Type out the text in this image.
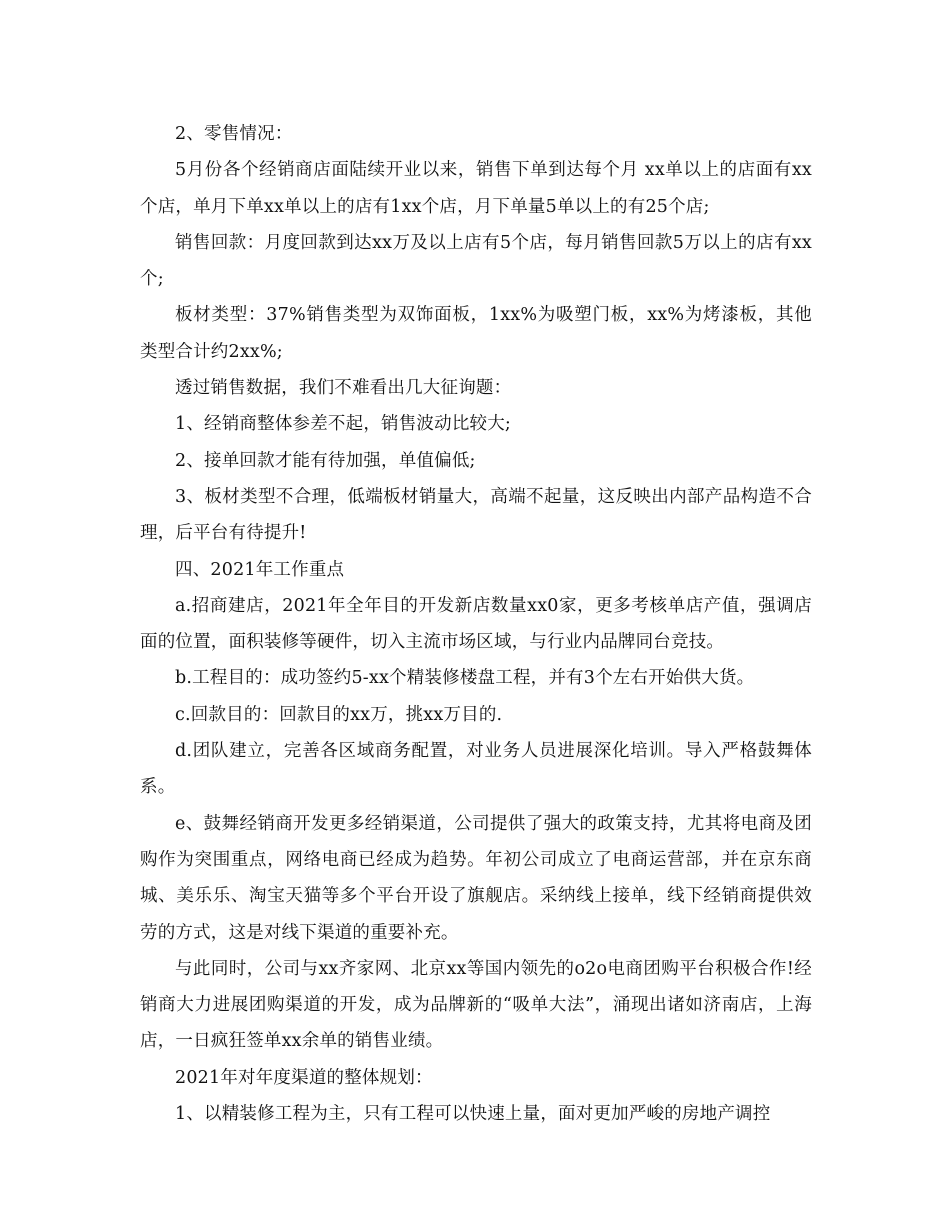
2、零售情况：

5月份各个经销商店面陆续开业以来，销售下单到达每个月 xx单以上的店面有xx个店，单月下单xx单以上的店有1xx个店，月下单量5单以上的有25个店;

销售回款：月度回款到达xx万及以上店有5个店，每月销售回款5万以上的店有xx个;

板材类型：37%销售类型为双饰面板，1xx%为吸塑门板，xx%为烤漆板，其他类型合计约2xx%;

透过销售数据，我们不难看出几大征询题：

1、经销商整体参差不起，销售波动比较大;

2、接单回款才能有待加强，单值偏低;

3、板材类型不合理，低端板材销量大，高端不起量，这反映出内部产品构造不合理，后平台有待提升!

四、2021年工作重点

a.招商建店，2021年全年目的开发新店数量xx0家，更多考核单店产值，强调店面的位置，面积装修等硬件，切入主流市场区域，与行业内品牌同台竞技。

b.工程目的：成功签约5-xx个精装修楼盘工程，并有3个左右开始供大货。

c.回款目的：回款目的xx万，挑xx万目的.

d.团队建立，完善各区域商务配置，对业务人员进展深化培训。导入严格鼓舞体系。

e、鼓舞经销商开发更多经销渠道，公司提供了强大的政策支持，尤其将电商及团购作为突围重点，网络电商已经成为趋势。年初公司成立了电商运营部，并在京东商城、美乐乐、淘宝天猫等多个平台开设了旗舰店。采纳线上接单，线下经销商提供效劳的方式，这是对线下渠道的重要补充。

与此同时，公司与xx齐家网、北京xx等国内领先的o2o电商团购平台积极合作!经销商大力进展团购渠道的开发，成为品牌新的“吸单大法”，涌现出诸如济南店，上海店，一日疯狂签单xx余单的销售业绩。

2021年对年度渠道的整体规划：

1、以精装修工程为主，只有工程可以快速上量，面对更加严峻的房地产调控
